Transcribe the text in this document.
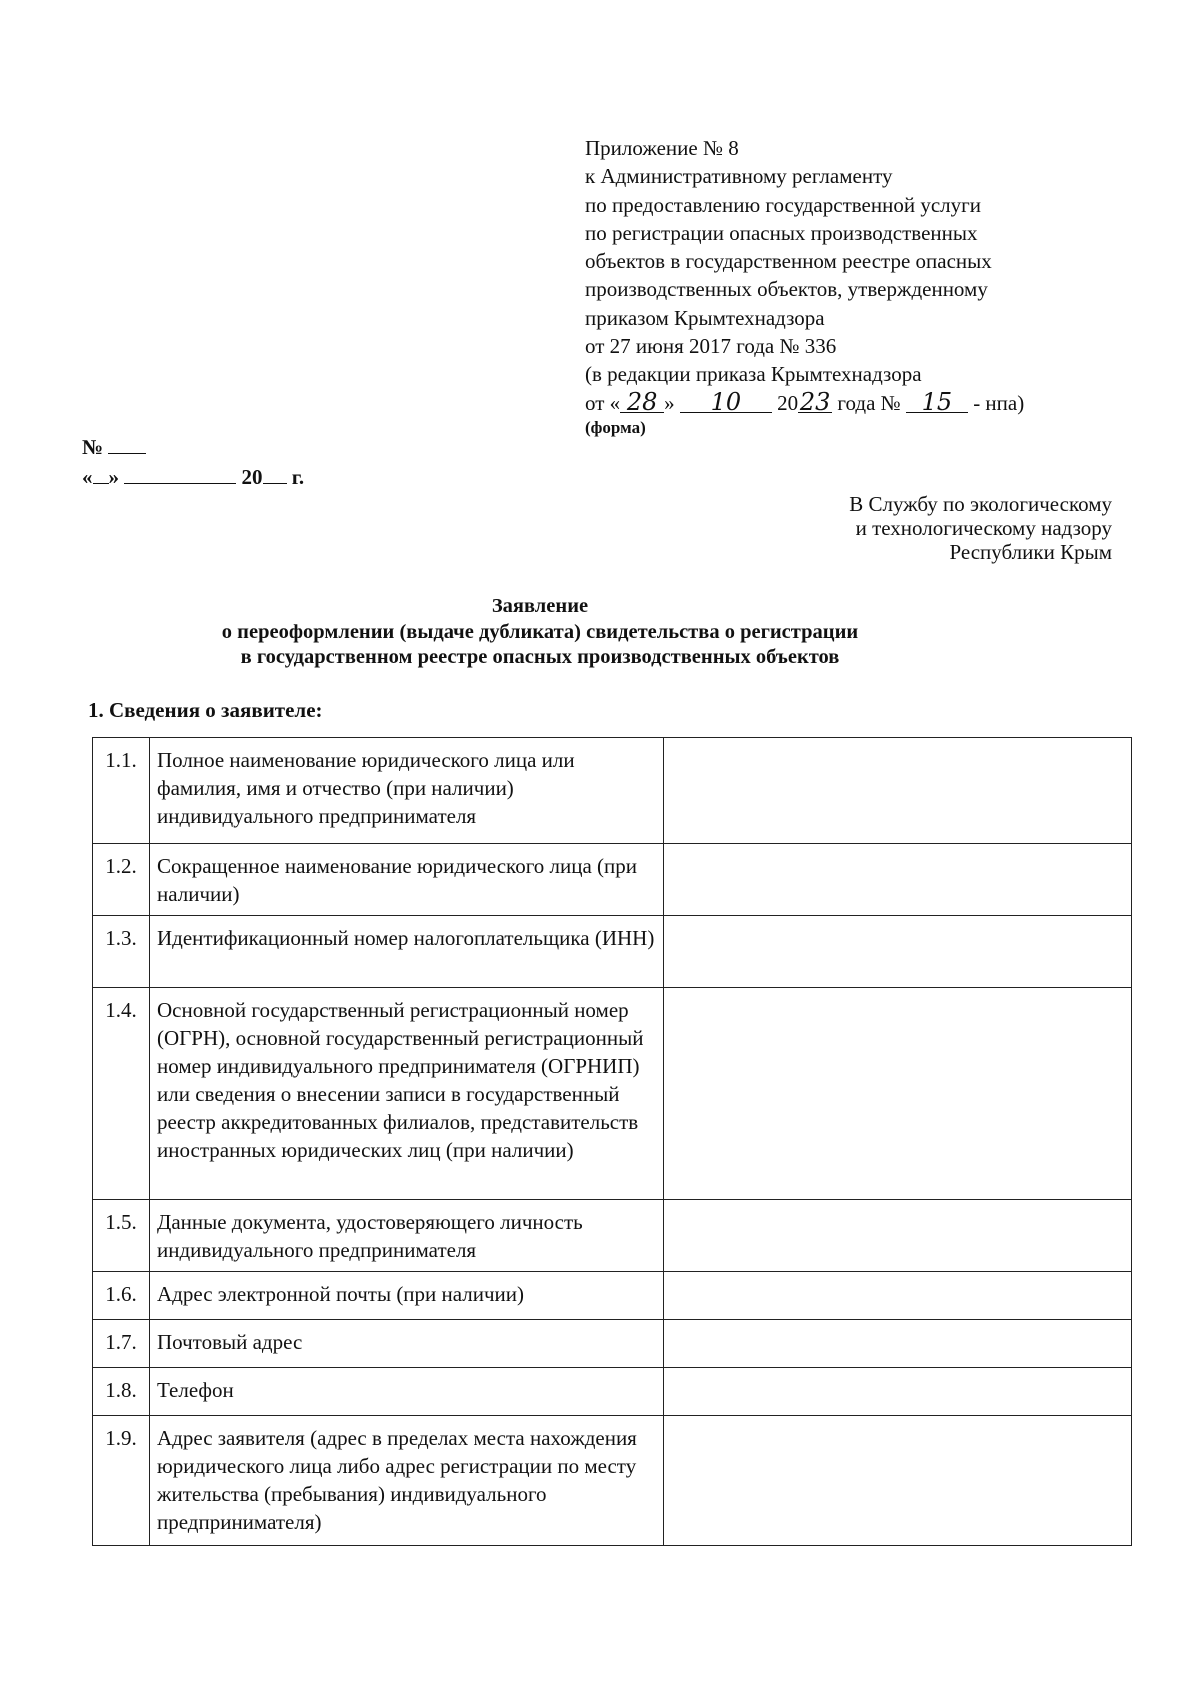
Приложение № 8
к Административному регламенту
по предоставлению государственной услуги
по регистрации опасных производственных
объектов в государственном реестре опасных
производственных объектов, утвержденному
приказом Крымтехнадзора
от 27 июня 2017 года № 336
(в редакции приказа Крымтехнадзора
от « 28 » 10 2023 года № 15 - нпа)
(форма)
№
« »	20 г.
В Службу по экологическому
и технологическому надзору
Республики Крым
Заявление
о переоформлении (выдаче дубликата) свидетельства о регистрации
в государственном реестре опасных производственных объектов
1. Сведения о заявителе:
1.1.	Полное наименование юридического лица или фамилия, имя и отчество (при наличии) индивидуального предпринимателя	
1.2.	Сокращенное наименование юридического лица (при наличии)	
1.3.	Идентификационный номер налогоплательщика (ИНН)	
1.4.	Основной государственный регистрационный номер (ОГРН), основной государственный регистрационный номер индивидуального предпринимателя (ОГРНИП) или сведения о внесении записи в государственный реестр аккредитованных филиалов, представительств иностранных юридических лиц (при наличии)	
1.5.	Данные документа, удостоверяющего личность индивидуального предпринимателя	
1.6.	Адрес электронной почты (при наличии)	
1.7.	Почтовый адрес	
1.8.	Телефон	
1.9.	Адрес заявителя (адрес в пределах места нахождения юридического лица либо адрес регистрации по месту жительства (пребывания) индивидуального предпринимателя)	
